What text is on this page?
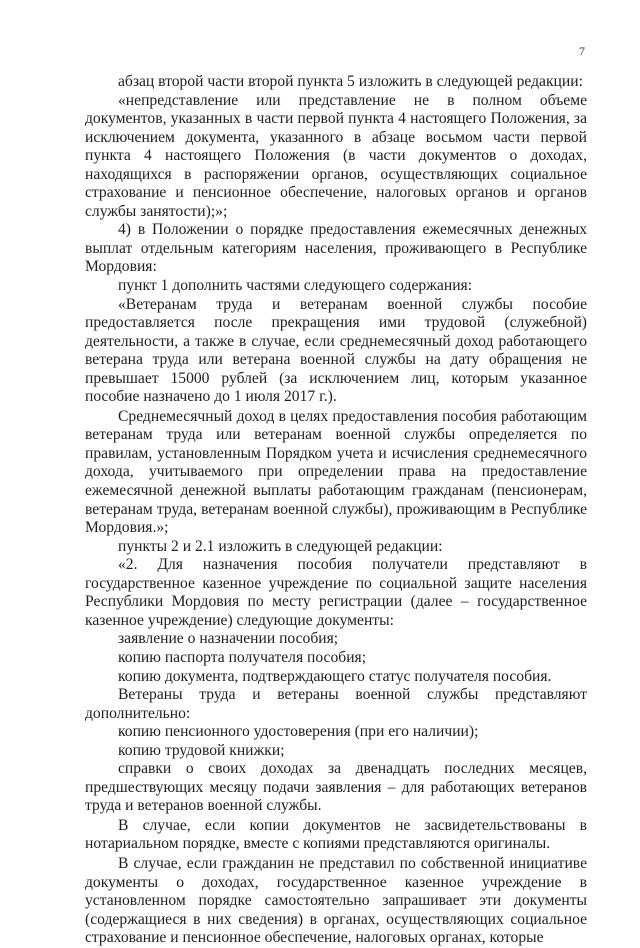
7

абзац второй части второй пункта 5 изложить в следующей редакции:

«непредставление или представление не в полном объеме документов, указанных в части первой пункта 4 настоящего Положения, за исключением документа, указанного в абзаце восьмом части первой пункта 4 настоящего Положения (в части документов о доходах, находящихся в распоряжении органов, осуществляющих социальное страхование и пенсионное обеспечение, налоговых органов и органов службы занятости);»;

4) в Положении о порядке предоставления ежемесячных денежных выплат отдельным категориям населения, проживающего в Республике Мордовия:

пункт 1 дополнить частями следующего содержания:

«Ветеранам труда и ветеранам военной службы пособие предоставляется после прекращения ими трудовой (служебной) деятельности, а также в случае, если среднемесячный доход работающего ветерана труда или ветерана военной службы на дату обращения не превышает 15000 рублей (за исключением лиц, которым указанное пособие назначено до 1 июля 2017 г.).

Среднемесячный доход в целях предоставления пособия работающим ветеранам труда или ветеранам военной службы определяется по правилам, установленным Порядком учета и исчисления среднемесячного дохода, учитываемого при определении права на предоставление ежемесячной денежной выплаты работающим гражданам (пенсионерам, ветеранам труда, ветеранам военной службы), проживающим в Республике Мордовия.»;

пункты 2 и 2.1 изложить в следующей редакции:

«2. Для назначения пособия получатели представляют в государственное казенное учреждение по социальной защите населения Республики Мордовия по месту регистрации (далее – государственное казенное учреждение) следующие документы:

заявление о назначении пособия;

копию паспорта получателя пособия;

копию документа, подтверждающего статус получателя пособия.

Ветераны труда и ветераны военной службы представляют дополнительно:

копию пенсионного удостоверения (при его наличии);

копию трудовой книжки;

справки о своих доходах за двенадцать последних месяцев, предшествующих месяцу подачи заявления – для работающих ветеранов труда и ветеранов военной службы.

В случае, если копии документов не засвидетельствованы в нотариальном порядке, вместе с копиями представляются оригиналы.

В случае, если гражданин не представил по собственной инициативе документы о доходах, государственное казенное учреждение в установленном порядке самостоятельно запрашивает эти документы (содержащиеся в них сведения) в органах, осуществляющих социальное страхование и пенсионное обеспечение, налоговых органах, которые
